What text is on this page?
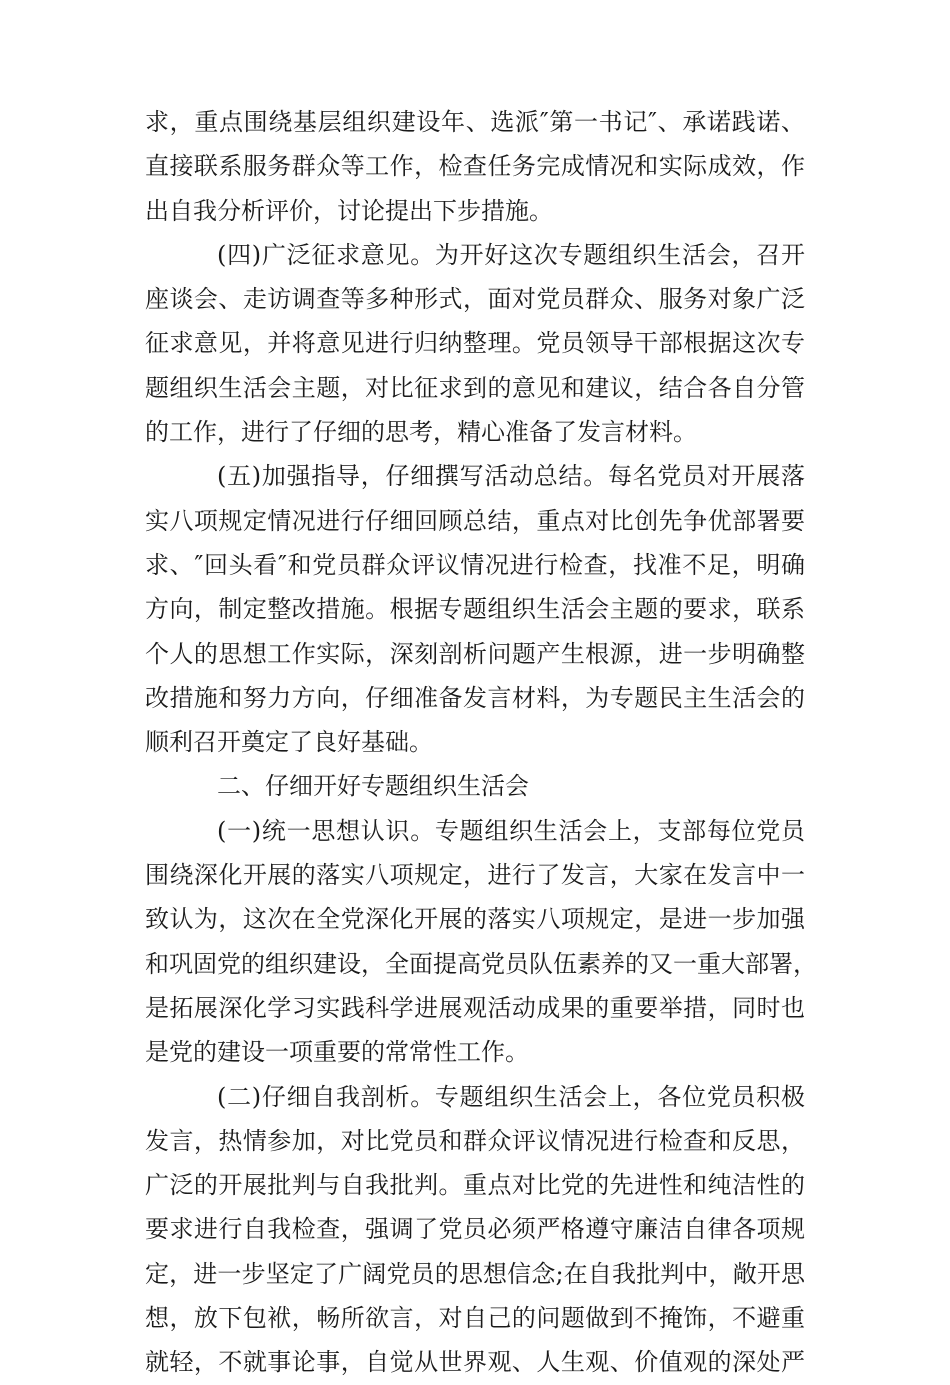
求，重点围绕基层组织建设年、选派″第一书记″、承诺践诺、
直接联系服务群众等工作，检查任务完成情况和实际成效，作
出自我分析评价，讨论提出下步措施。
(四)广泛征求意见。为开好这次专题组织生活会，召开
座谈会、走访调查等多种形式，面对党员群众、服务对象广泛
征求意见，并将意见进行归纳整理。党员领导干部根据这次专
题组织生活会主题，对比征求到的意见和建议，结合各自分管
的工作，进行了仔细的思考，精心准备了发言材料。
(五)加强指导，仔细撰写活动总结。每名党员对开展落
实八项规定情况进行仔细回顾总结，重点对比创先争优部署要
求、″回头看″和党员群众评议情况进行检查，找准不足，明确
方向，制定整改措施。根据专题组织生活会主题的要求，联系
个人的思想工作实际，深刻剖析问题产生根源，进一步明确整
改措施和努力方向，仔细准备发言材料，为专题民主生活会的
顺利召开奠定了良好基础。
二、仔细开好专题组织生活会
(一)统一思想认识。专题组织生活会上，支部每位党员
围绕深化开展的落实八项规定，进行了发言，大家在发言中一
致认为，这次在全党深化开展的落实八项规定，是进一步加强
和巩固党的组织建设，全面提高党员队伍素养的又一重大部署，
是拓展深化学习实践科学进展观活动成果的重要举措，同时也
是党的建设一项重要的常常性工作。
(二)仔细自我剖析。专题组织生活会上，各位党员积极
发言，热情参加，对比党员和群众评议情况进行检查和反思，
广泛的开展批判与自我批判。重点对比党的先进性和纯洁性的
要求进行自我检查，强调了党员必须严格遵守廉洁自律各项规
定，进一步坚定了广阔党员的思想信念;在自我批判中，敞开思
想，放下包袱，畅所欲言，对自己的问题做到不掩饰，不避重
就轻，不就事论事，自觉从世界观、人生观、价值观的深处严
